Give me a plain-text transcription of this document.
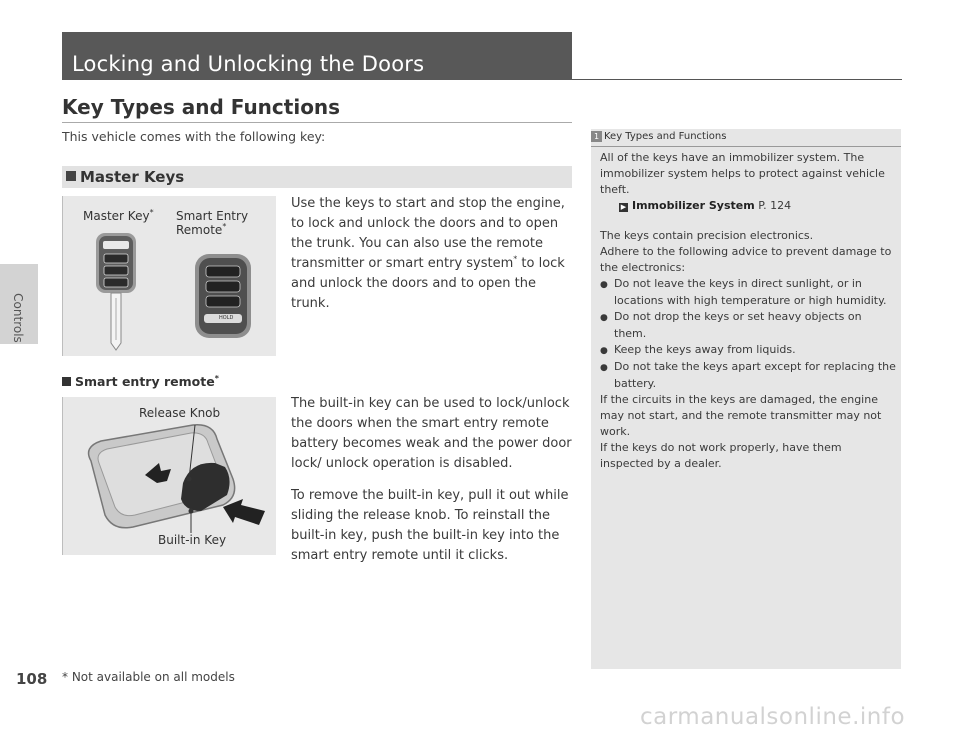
Controls
108
Locking and Unlocking the Doors
Key Types and Functions
This vehicle comes with the following key:
Master Keys
Master Key* Smart Entry
Remote*
HOLD
Use the keys to start and stop the engine, to lock and unlock the doors and to open the trunk. You can also use the remote transmitter or smart entry system* to lock and unlock the doors and to open the trunk.
Smart entry remote*
Release Knob
Built-in Key
The built-in key can be used to lock/unlock the doors when the smart entry remote battery becomes weak and the power door lock/ unlock operation is disabled.
To remove the built-in key, pull it out while sliding the release knob. To reinstall the built-in key, push the built-in key into the smart entry remote until it clicks.
1 Key Types and Functions

All of the keys have an immobilizer system. The immobilizer system helps to protect against vehicle theft.

▶ Immobilizer System P. 124

The keys contain precision electronics.

Adhere to the following advice to prevent damage to the electronics:

● Do not leave the keys in direct sunlight, or in locations with high temperature or high humidity.
● Do not drop the keys or set heavy objects on them.
● Keep the keys away from liquids.
● Do not take the keys apart except for replacing the battery.

If the circuits in the keys are damaged, the engine may not start, and the remote transmitter may not work.

If the keys do not work properly, have them inspected by a dealer.

* Not available on all models
carmanualsonline.info
